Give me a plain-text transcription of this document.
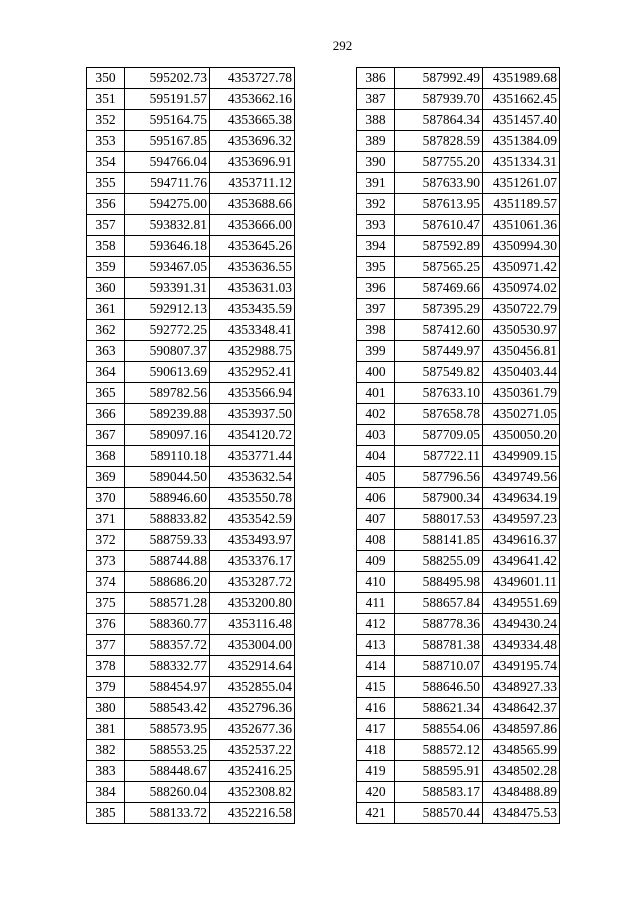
292
350	595202.73	4353727.78
351	595191.57	4353662.16
352	595164.75	4353665.38
353	595167.85	4353696.32
354	594766.04	4353696.91
355	594711.76	4353711.12
356	594275.00	4353688.66
357	593832.81	4353666.00
358	593646.18	4353645.26
359	593467.05	4353636.55
360	593391.31	4353631.03
361	592912.13	4353435.59
362	592772.25	4353348.41
363	590807.37	4352988.75
364	590613.69	4352952.41
365	589782.56	4353566.94
366	589239.88	4353937.50
367	589097.16	4354120.72
368	589110.18	4353771.44
369	589044.50	4353632.54
370	588946.60	4353550.78
371	588833.82	4353542.59
372	588759.33	4353493.97
373	588744.88	4353376.17
374	588686.20	4353287.72
375	588571.28	4353200.80
376	588360.77	4353116.48
377	588357.72	4353004.00
378	588332.77	4352914.64
379	588454.97	4352855.04
380	588543.42	4352796.36
381	588573.95	4352677.36
382	588553.25	4352537.22
383	588448.67	4352416.25
384	588260.04	4352308.82
385	588133.72	4352216.58
386	587992.49	4351989.68
387	587939.70	4351662.45
388	587864.34	4351457.40
389	587828.59	4351384.09
390	587755.20	4351334.31
391	587633.90	4351261.07
392	587613.95	4351189.57
393	587610.47	4351061.36
394	587592.89	4350994.30
395	587565.25	4350971.42
396	587469.66	4350974.02
397	587395.29	4350722.79
398	587412.60	4350530.97
399	587449.97	4350456.81
400	587549.82	4350403.44
401	587633.10	4350361.79
402	587658.78	4350271.05
403	587709.05	4350050.20
404	587722.11	4349909.15
405	587796.56	4349749.56
406	587900.34	4349634.19
407	588017.53	4349597.23
408	588141.85	4349616.37
409	588255.09	4349641.42
410	588495.98	4349601.11
411	588657.84	4349551.69
412	588778.36	4349430.24
413	588781.38	4349334.48
414	588710.07	4349195.74
415	588646.50	4348927.33
416	588621.34	4348642.37
417	588554.06	4348597.86
418	588572.12	4348565.99
419	588595.91	4348502.28
420	588583.17	4348488.89
421	588570.44	4348475.53
